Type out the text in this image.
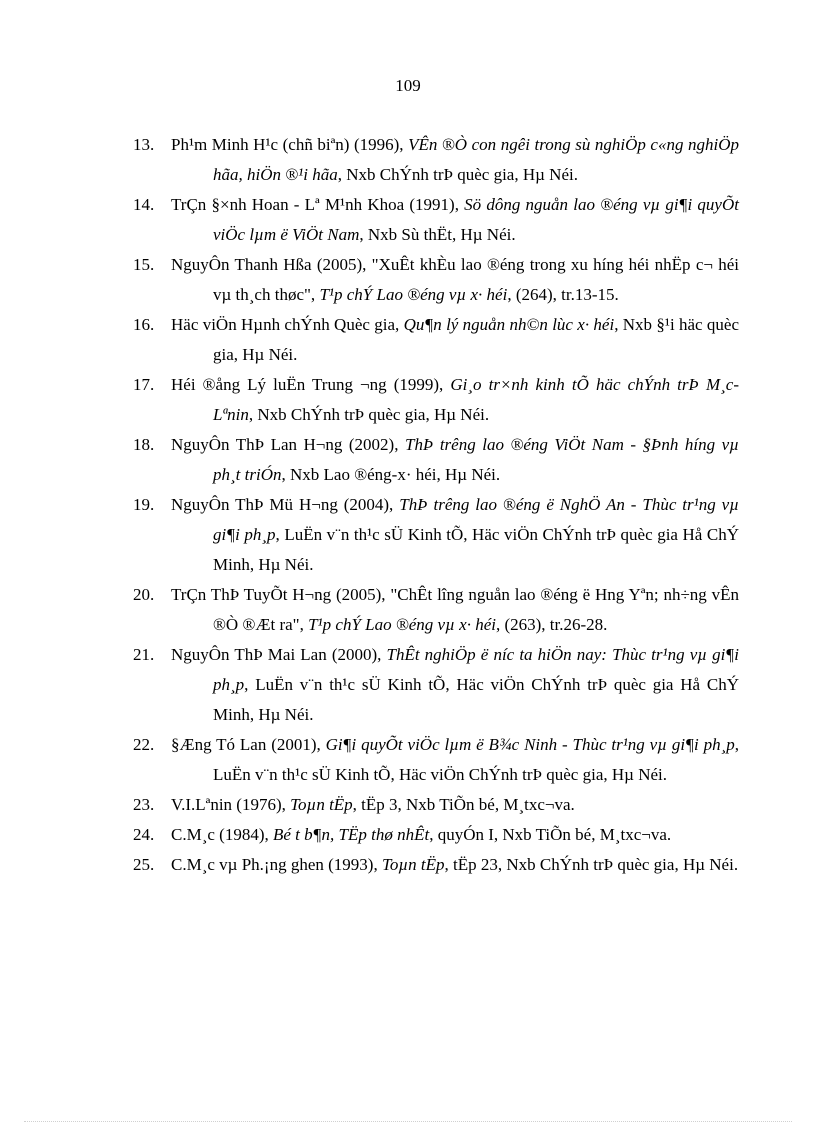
109
13. Ph¹m Minh H¹c (chñ biªn) (1996), VÊn ®Ò con ngêi trong sù nghiÖp c«ng nghiÖp hãa, hiÖn ®¹i hãa, Nxb ChÝnh trÞ quèc gia, Hµ Néi.
14. TrÇn §×nh Hoan - Lª M¹nh Khoa (1991), Sö dông nguån lao ®éng vµ gi¶i quyÕt viÖc lµm ë ViÖt Nam, Nxb Sù thËt, Hµ Néi.
15. NguyÔn Thanh Hßa (2005), "XuÊt khÈu lao ®éng trong xu híng héi nhËp c¬ héi vµ th¸ch thøc", T¹p chÝ Lao ®éng vµ x· héi, (264), tr.13-15.
16. Häc viÖn Hµnh chÝnh Quèc gia, Qu¶n lý nguån nh©n lùc x· héi, Nxb §¹i häc quèc gia, Hµ Néi.
17. Héi ®ång Lý luËn Trung ¬ng (1999), Gi¸o tr×nh kinh tÕ häc chÝnh trÞ M¸c- Lªnin, Nxb ChÝnh trÞ quèc gia, Hµ Néi.
18. NguyÔn ThÞ Lan H¬ng (2002), ThÞ trêng lao ®éng ViÖt Nam - §Þnh híng vµ ph¸t triÓn, Nxb Lao ®éng-x· héi, Hµ Néi.
19. NguyÔn ThÞ Mü H¬ng (2004), ThÞ trêng lao ®éng ë NghÖ An - Thùc tr¹ng vµ gi¶i ph¸p, LuËn v¨n th¹c sÜ Kinh tÕ, Häc viÖn ChÝnh trÞ quèc gia Hå ChÝ Minh, Hµ Néi.
20. TrÇn ThÞ TuyÕt H¬ng (2005), "ChÊt lîng nguån lao ®éng ë Hng Yªn; nh÷ng vÊn ®Ò ®Æt ra", T¹p chÝ Lao ®éng vµ x· héi, (263), tr.26-28.
21. NguyÔn ThÞ Mai Lan (2000), ThÊt nghiÖp ë níc ta hiÖn nay: Thùc tr¹ng vµ gi¶i ph¸p, LuËn v¨n th¹c sÜ Kinh tÕ, Häc viÖn ChÝnh trÞ quèc gia Hå ChÝ Minh, Hµ Néi.
22. §Æng Tó Lan (2001), Gi¶i quyÕt viÖc lµm ë B¾c Ninh - Thùc tr¹ng vµ gi¶i ph¸p, LuËn v¨n th¹c sÜ Kinh tÕ, Häc viÖn ChÝnh trÞ quèc gia, Hµ Néi.
23. V.I.Lªnin (1976), Toµn tËp, tËp 3, Nxb TiÕn bé, M¸txc¬va.
24. C.M¸c (1984), Bé t b¶n, TËp thø nhÊt, quyÓn I, Nxb TiÕn bé, M¸txc¬va.
25. C.M¸c vµ Ph.¡ng ghen (1993), Toµn tËp, tËp 23, Nxb ChÝnh trÞ quèc gia, Hµ Néi.
